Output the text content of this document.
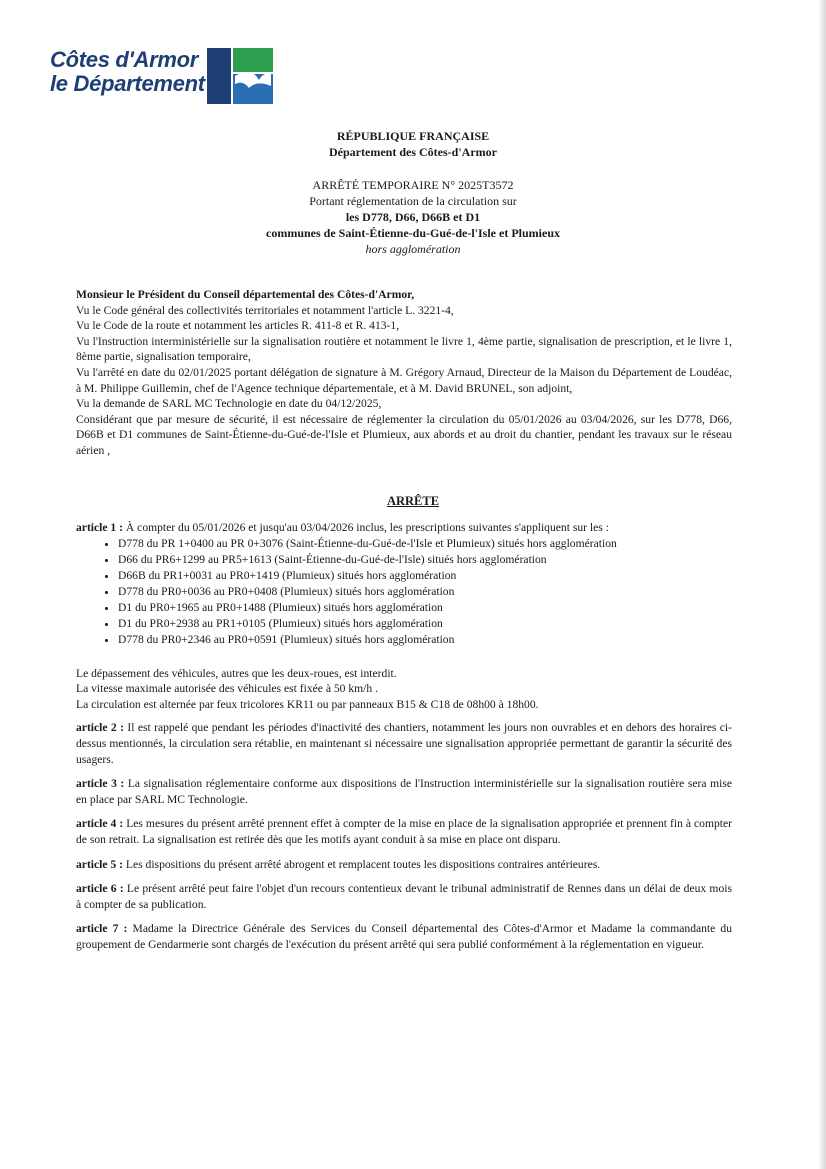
Côtes d'Armor
le Département
RÉPUBLIQUE FRANÇAISE
Département des Côtes-d'Armor
ARRÊTÉ TEMPORAIRE N° 2025T3572
Portant réglementation de la circulation sur
les D778, D66, D66B et D1
communes de Saint-Étienne-du-Gué-de-l'Isle et Plumieux
hors agglomération

Monsieur le Président du Conseil départemental des Côtes-d'Armor,

Vu le Code général des collectivités territoriales et notamment l'article L. 3221-4,

Vu le Code de la route et notamment les articles R. 411-8 et R. 413-1,

Vu l'Instruction interministérielle sur la signalisation routière et notamment le livre 1, 4ème partie, signalisation de prescription, et le livre 1, 8ème partie, signalisation temporaire,

Vu l'arrêté en date du 02/01/2025 portant délégation de signature à M. Grégory Arnaud, Directeur de la Maison du Département de Loudéac, à M. Philippe Guillemin, chef de l'Agence technique départementale, et à M. David BRUNEL, son adjoint,

Vu la demande de SARL MC Technologie en date du 04/12/2025,

Considérant que par mesure de sécurité, il est nécessaire de réglementer la circulation du 05/01/2026 au 03/04/2026, sur les D778, D66, D66B et D1 communes de Saint-Étienne-du-Gué-de-l'Isle et Plumieux, aux abords et au droit du chantier, pendant les travaux sur le réseau aérien ,

ARRÊTE

article 1 : À compter du 05/01/2026 et jusqu'au 03/04/2026 inclus, les prescriptions suivantes s'appliquent sur les :

• D778 du PR 1+0400 au PR 0+3076 (Saint-Étienne-du-Gué-de-l'Isle et Plumieux) situés hors agglomération
• D66 du PR6+1299 au PR5+1613 (Saint-Étienne-du-Gué-de-l'Isle) situés hors agglomération
• D66B du PR1+0031 au PR0+1419 (Plumieux) situés hors agglomération
• D778 du PR0+0036 au PR0+0408 (Plumieux) situés hors agglomération
• D1 du PR0+1965 au PR0+1488 (Plumieux) situés hors agglomération
• D1 du PR0+2938 au PR1+0105 (Plumieux) situés hors agglomération
• D778 du PR0+2346 au PR0+0591 (Plumieux) situés hors agglomération

Le dépassement des véhicules, autres que les deux-roues, est interdit.

La vitesse maximale autorisée des véhicules est fixée à 50 km/h .

La circulation est alternée par feux tricolores KR11 ou par panneaux B15 & C18 de 08h00 à 18h00.

article 2 : Il est rappelé que pendant les périodes d'inactivité des chantiers, notamment les jours non ouvrables et en dehors des horaires ci-dessus mentionnés, la circulation sera rétablie, en maintenant si nécessaire une signalisation appropriée permettant de garantir la sécurité des usagers.

article 3 : La signalisation réglementaire conforme aux dispositions de l'Instruction interministérielle sur la signalisation routière sera mise en place par SARL MC Technologie.

article 4 : Les mesures du présent arrêté prennent effet à compter de la mise en place de la signalisation appropriée et prennent fin à compter de son retrait. La signalisation est retirée dès que les motifs ayant conduit à sa mise en place ont disparu.

article 5 : Les dispositions du présent arrêté abrogent et remplacent toutes les dispositions contraires antérieures.

article 6 : Le présent arrêté peut faire l'objet d'un recours contentieux devant le tribunal administratif de Rennes dans un délai de deux mois à compter de sa publication.

article 7 : Madame la Directrice Générale des Services du Conseil départemental des Côtes-d'Armor et Madame la commandante du groupement de Gendarmerie sont chargés de l'exécution du présent arrêté qui sera publié conformément à la réglementation en vigueur.
